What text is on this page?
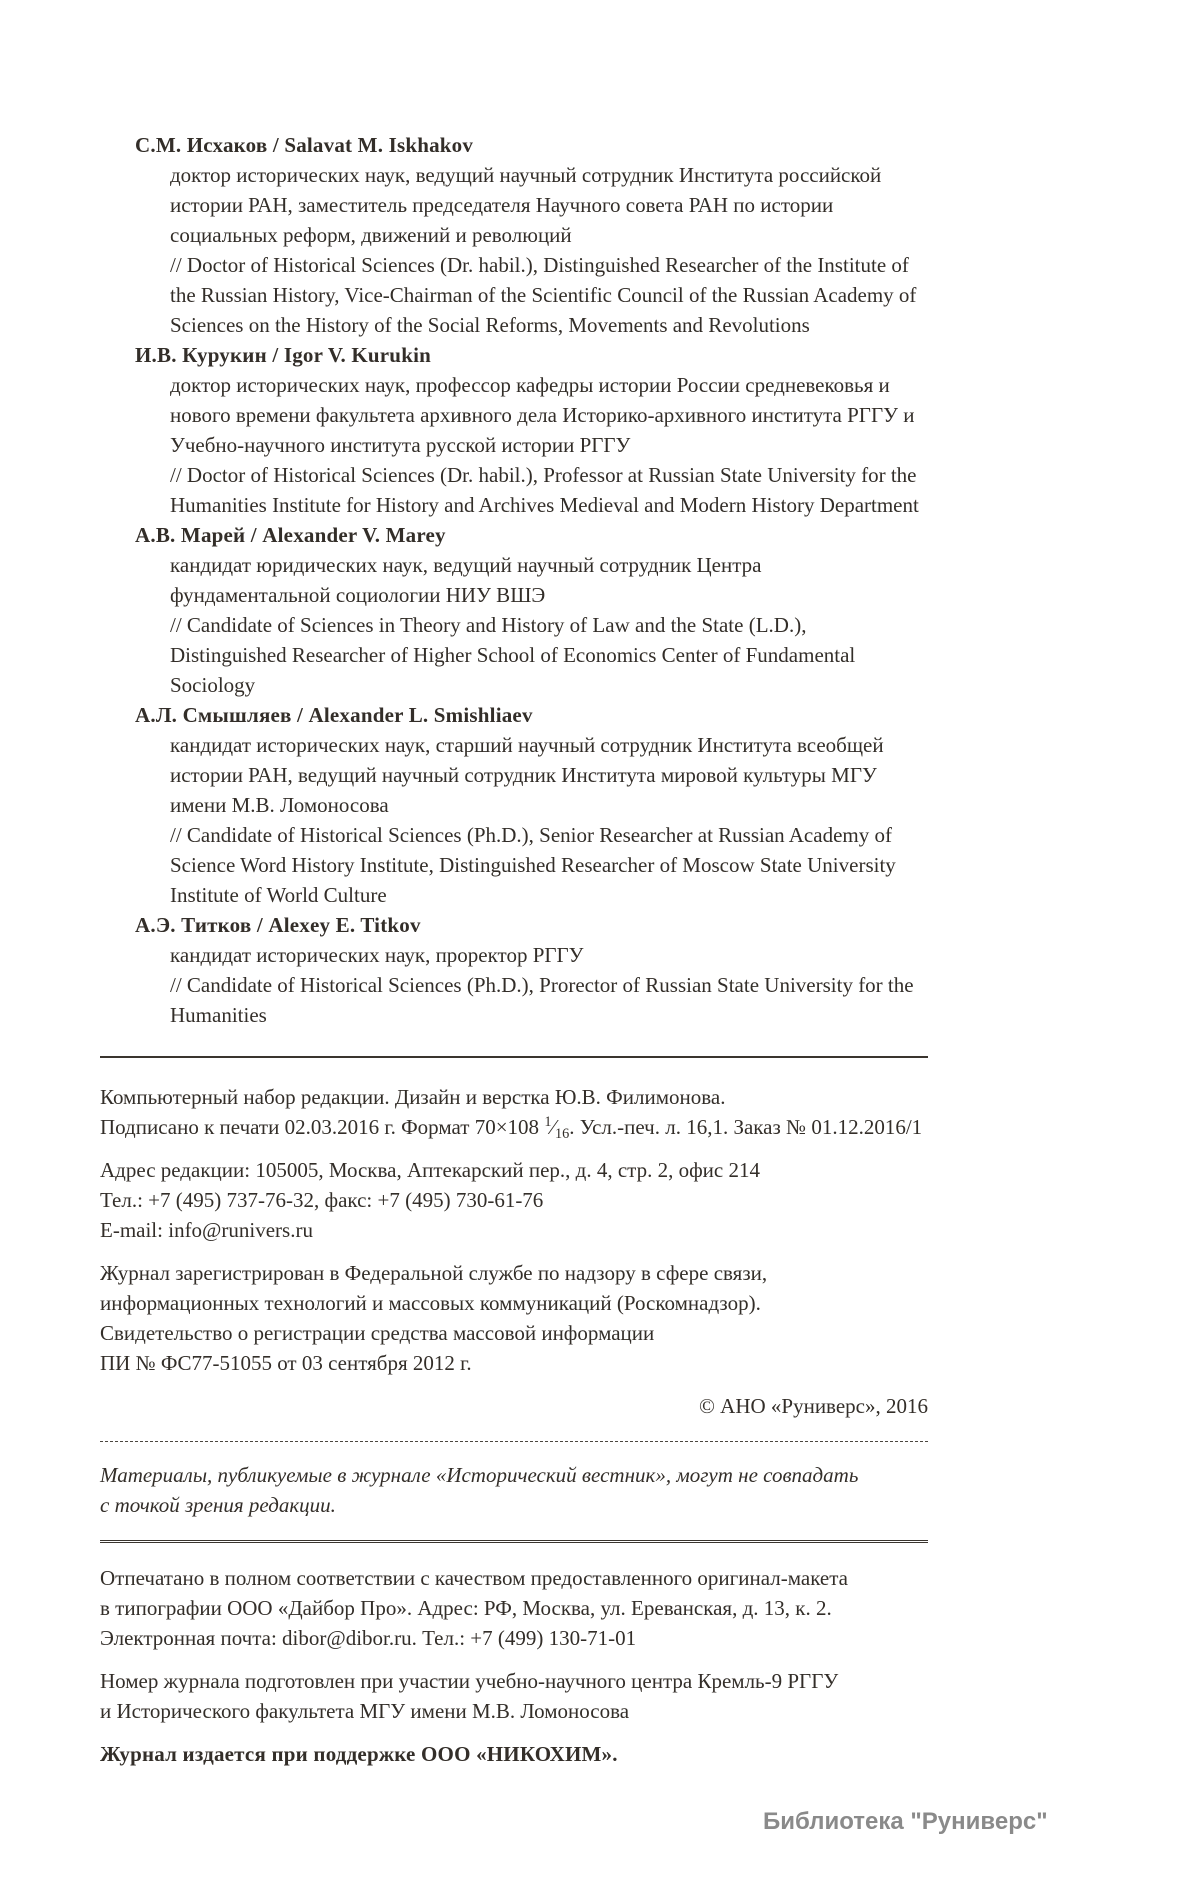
С.М. Исхаков / Salavat M. Iskhakov
доктор исторических наук, ведущий научный сотрудник Института российской истории РАН, заместитель председателя Научного совета РАН по истории социальных реформ, движений и революций
// Doctor of Historical Sciences (Dr. habil.), Distinguished Researcher of the Institute of the Russian History, Vice-Chairman of the Scientific Council of the Russian Academy of Sciences on the History of the Social Reforms, Movements and Revolutions
И.В. Курукин / Igor V. Kurukin
доктор исторических наук, профессор кафедры истории России средневековья и нового времени факультета архивного дела Историко-архивного института РГГУ и Учебно-научного института русской истории РГГУ
// Doctor of Historical Sciences (Dr. habil.), Professor at Russian State University for the Humanities Institute for History and Archives Medieval and Modern History Department
А.В. Марей / Alexander V. Marey
кандидат юридических наук, ведущий научный сотрудник Центра фундаментальной социологии НИУ ВШЭ
// Candidate of Sciences in Theory and History of Law and the State (L.D.), Distinguished Researcher of Higher School of Economics Center of Fundamental Sociology
А.Л. Смышляев / Alexander L. Smishliaev
кандидат исторических наук, старший научный сотрудник Института всеобщей истории РАН, ведущий научный сотрудник Института мировой культуры МГУ имени М.В. Ломоносова
// Candidate of Historical Sciences (Ph.D.), Senior Researcher at Russian Academy of Science Word History Institute, Distinguished Researcher of Moscow State University Institute of World Culture
А.Э. Титков / Alexey E. Titkov
кандидат исторических наук, проректор РГГУ
// Candidate of Historical Sciences (Ph.D.), Prorector of Russian State University for the Humanities

Компьютерный набор редакции. Дизайн и верстка Ю.В. Филимонова.
Подписано к печати 02.03.2016 г. Формат 70×108 $^1⁄_{16}$. Усл.-печ. л. 16,1. Заказ № 01.12.2016/1

Адрес редакции: 105005, Москва, Аптекарский пер., д. 4, стр. 2, офис 214
Тел.: +7 (495) 737-76-32, факс: +7 (495) 730-61-76
E-mail: info@runivers.ru

Журнал зарегистрирован в Федеральной службе по надзору в сфере связи,
информационных технологий и массовых коммуникаций (Роскомнадзор).
Свидетельство о регистрации средства массовой информации
ПИ № ФС77-51055 от 03 сентября 2012 г.

© АНО «Руниверс», 2016

Материалы, публикуемые в журнале «Исторический вестник», могут не совпадать
с точкой зрения редакции.

Отпечатано в полном соответствии с качеством предоставленного оригинал-макета
в типографии ООО «Дайбор Про». Адрес: РФ, Москва, ул. Ереванская, д. 13, к. 2.
Электронная почта: dibor@dibor.ru. Тел.: +7 (499) 130-71-01

Номер журнала подготовлен при участии учебно-научного центра Кремль-9 РГГУ
и Исторического факультета МГУ имени М.В. Ломоносова

Журнал издается при поддержке ООО «НИКОХИМ».

Библиотека "Руниверс"
